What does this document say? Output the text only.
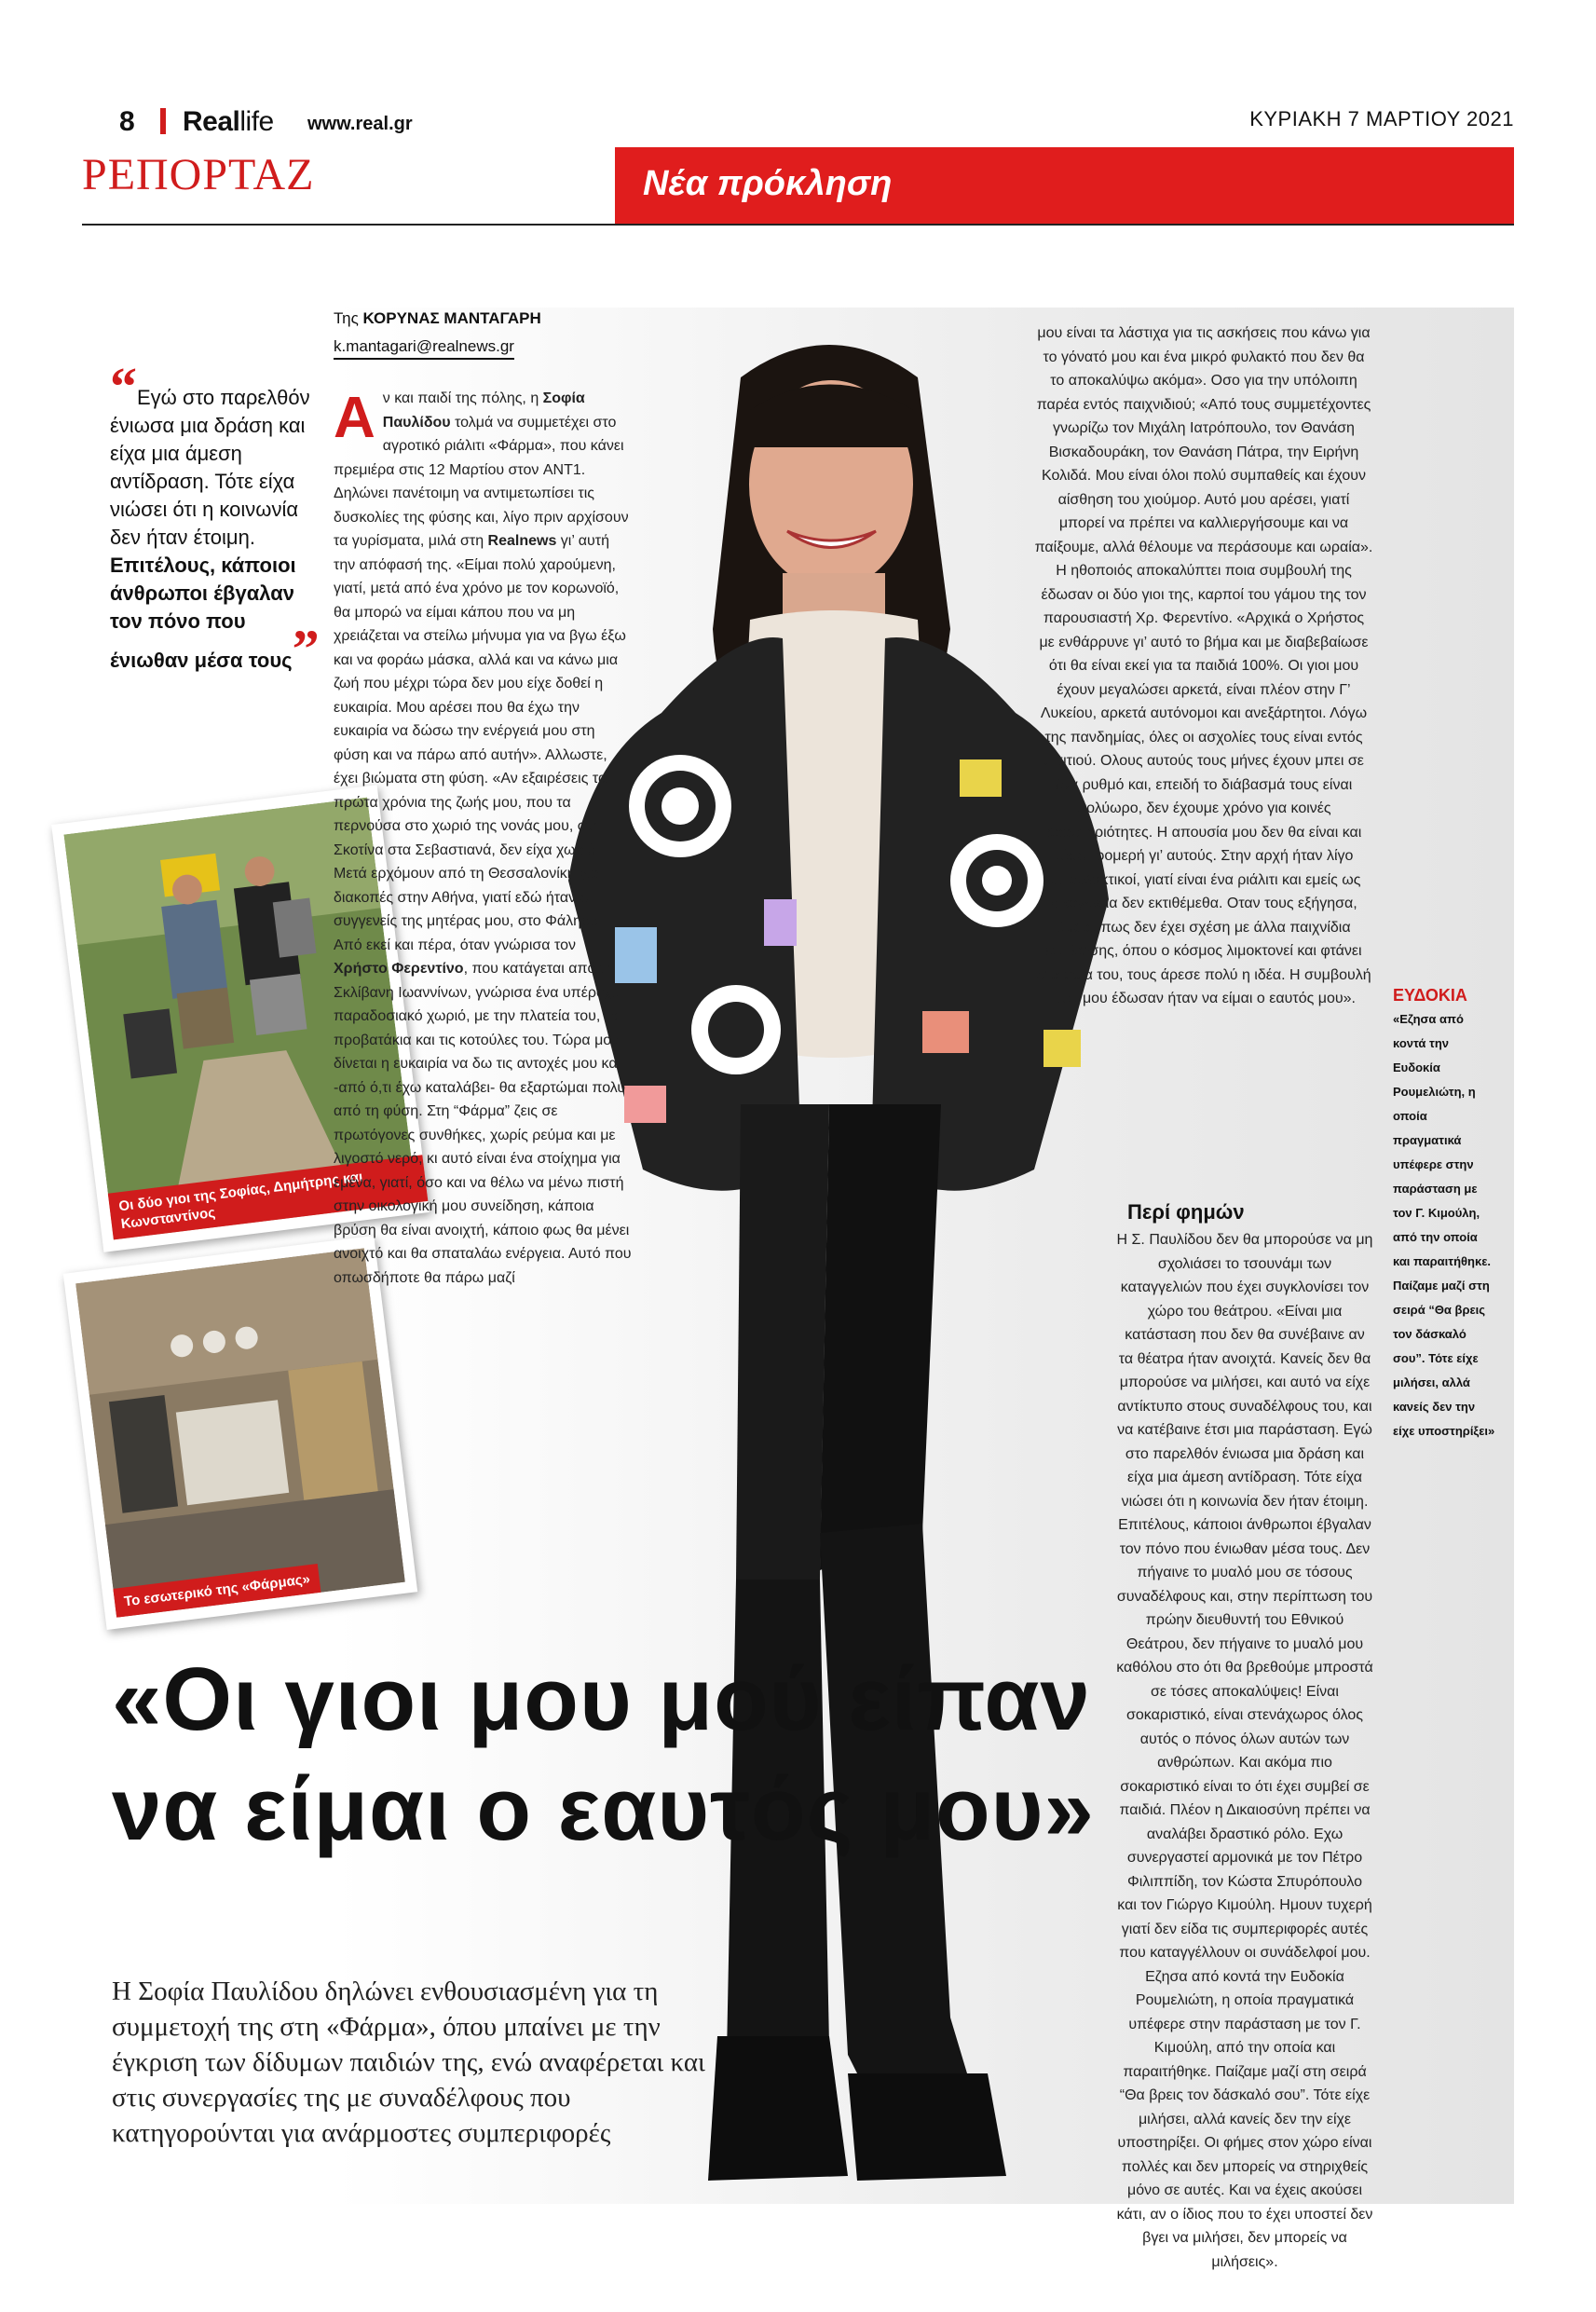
8 Reallife www.real.gr	ΚΥΡΙΑΚΗ 7 ΜΑΡΤΙΟΥ 2021
ΡΕΠΟΡΤΑΖ	Νέα πρόκληση
Της ΚΟΡΥΝΑΣ ΜΑΝΤΑΓΑΡΗ
k.mantagari@realnews.gr
“Εγώ στο παρελθόν ένιωσα μια δράση και είχα μια άμεση αντίδραση. Τότε είχα νιώσει ότι η κοινωνία δεν ήταν έτοιμη. Επιτέλους, κάποιοι άνθρωποι έβγαλαν τον πόνο που ένιωθαν μέσα τους”
Οι δύο γιοι της Σοφίας, Δημήτρης και Κωνσταντίνος
Το εσωτερικό της «Φάρμας»
Αν και παιδί της πόλης, η Σοφία Παυλίδου τολμά να συμμετέχει στο αγροτικό ριάλιτι «Φάρμα», που κάνει πρεμιέρα στις 12 Μαρτίου στον ANT1. Δηλώνει πανέτοιμη να αντιμετωπίσει τις δυσκολίες της φύσης και, λίγο πριν αρχίσουν τα γυρίσματα, μιλά στη Realnews γι’ αυτή την απόφασή της. «Είμαι πολύ χαρούμενη, γιατί, μετά από ένα χρόνο με τον κορωνοϊό, θα μπορώ να είμαι κάπου που να μη χρειάζεται να στείλω μήνυμα για να βγω έξω και να φοράω μάσκα, αλλά και να κάνω μια ζωή που μέχρι τώρα δεν μου είχε δοθεί η ευκαιρία. Μου αρέσει που θα έχω την ευκαιρία να δώσω την ενέργειά μου στη φύση και να πάρω από αυτήν». Αλλωστε, έχει βιώματα στη φύση. «Αν εξαιρέσεις τα πρώτα χρόνια της ζωής μου, που τα περνούσα στο χωριό της νονάς μου, στη Σκοτίνα στα Σεβαστιανά, δεν είχα χωριό. Μετά ερχόμουν από τη Θεσσαλονίκη για διακοπές στην Αθήνα, γιατί εδώ ήταν οι συγγενείς της μητέρας μου, στο Φάληρο. Από εκεί και πέρα, όταν γνώρισα τον Χρήστο Φερεντίνο, που κατάγεται από τη Σκλίβανη Ιωαννίνων, γνώρισα ένα υπέροχο παραδοσιακό χωριό, με την πλατεία του, τα προβατάκια και τις κοτούλες του. Τώρα μου δίνεται η ευκαιρία να δω τις αντοχές μου και -από ό,τι έχω καταλάβει- θα εξαρτώμαι πολύ από τη φύση. Στη “Φάρμα” ζεις σε πρωτόγονες συνθήκες, χωρίς ρεύμα και με λιγοστό νερό, κι αυτό είναι ένα στοίχημα για εμένα, γιατί, όσο και να θέλω να μένω πιστή στην οικολογική μου συνείδηση, κάποια βρύση θα είναι ανοιχτή, κάποιο φως θα μένει ανοιχτό και θα σπαταλάω ενέργεια. Αυτό που οπωσδήποτε θα πάρω μαζί
μου είναι τα λάστιχα για τις ασκήσεις που κάνω για το γόνατό μου και ένα μικρό φυλακτό που δεν θα το αποκαλύψω ακόμα». Οσο για την υπόλοιπη παρέα εντός παιχνιδιού; «Από τους συμμετέχοντες γνωρίζω τον Μιχάλη Ιατρόπουλο, τον Θανάση Βισκαδουράκη, τον Θανάση Πάτρα, την Ειρήνη Κολιδά. Μου είναι όλοι πολύ συμπαθείς και έχουν αίσθηση του χιούμορ. Αυτό μου αρέσει, γιατί μπορεί να πρέπει να καλλιεργήσουμε και να παίξουμε, αλλά θέλουμε να περάσουμε και ωραία». Η ηθοποιός αποκαλύπτει ποια συμβουλή της έδωσαν οι δύο γιοι της, καρποί του γάμου της τον παρουσιαστή Χρ. Φερεντίνο. «Αρχικά ο Χρήστος με ενθάρρυνε γι’ αυτό το βήμα και με διαβεβαίωσε ότι θα είναι εκεί για τα παιδιά 100%. Οι γιοι μου έχουν μεγαλώσει αρκετά, είναι πλέον στην Γ’ Λυκείου, αρκετά αυτόνομοι και ανεξάρτητοι. Λόγω της πανδημίας, όλες οι ασχολίες τους είναι εντός σπιτιού. Ολους αυτούς τους μήνες έχουν μπει σε ένα ρυθμό και, επειδή το διάβασμά τους είναι πολύωρο, δεν έχουμε χρόνο για κοινές δραστηριότητες. Η απουσία μου δεν θα είναι και τόσο τρομερή γι’ αυτούς. Στην αρχή ήταν λίγο επιφυλακτικοί, γιατί είναι ένα ριάλιτι και εμείς ως οικογένεια δεν εκτιθέμεθα. Οταν τους εξήγησα, όμως, πως δεν έχει σχέση με άλλα παιχνίδια επιβίωσης, όπου ο κόσμος λιμοκτονεί και φτάνει στα όριά του, τους άρεσε πολύ η ιδέα. Η συμβουλή που μου έδωσαν ήταν να είμαι ο εαυτός μου».
Περί φημών
Η Σ. Παυλίδου δεν θα μπορούσε να μη σχολιάσει το τσουνάμι των καταγγελιών που έχει συγκλονίσει τον χώρο του θεάτρου. «Είναι μια κατάσταση που δεν θα συνέβαινε αν τα θέατρα ήταν ανοιχτά. Κανείς δεν θα μπορούσε να μιλήσει, και αυτό να είχε αντίκτυπο στους συναδέλφους του, και να κατέβαινε έτσι μια παράσταση. Εγώ στο παρελθόν ένιωσα μια δράση και είχα μια άμεση αντίδραση. Τότε είχα νιώσει ότι η κοινωνία δεν ήταν έτοιμη. Επιτέλους, κάποιοι άνθρωποι έβγαλαν τον πόνο που ένιωθαν μέσα τους. Δεν πήγαινε το μυαλό μου σε τόσους συναδέλφους και, στην περίπτωση του πρώην διευθυντή του Εθνικού Θεάτρου, δεν πήγαινε το μυαλό μου καθόλου στο ότι θα βρεθούμε μπροστά σε τόσες αποκαλύψεις! Είναι σοκαριστικό, είναι στενάχωρος όλος αυτός ο πόνος όλων αυτών των ανθρώπων. Και ακόμα πιο σοκαριστικό είναι το ότι έχει συμβεί σε παιδιά. Πλέον η Δικαιοσύνη πρέπει να αναλάβει δραστικό ρόλο. Εχω συνεργαστεί αρμονικά με τον Πέτρο Φιλιππίδη, τον Κώστα Σπυρόπουλο και τον Γιώργο Κιμούλη. Ημουν τυχερή γιατί δεν είδα τις συμπεριφορές αυτές που καταγγέλλουν οι συνάδελφοί μου. Εζησα από κοντά την Ευδοκία Ρουμελιώτη, η οποία πραγματικά υπέφερε στην παράσταση με τον Γ. Κιμούλη, από την οποία και παραιτήθηκε. Παίζαμε μαζί στη σειρά “Θα βρεις τον δάσκαλό σου”. Τότε είχε μιλήσει, αλλά κανείς δεν την είχε υποστηρίξει. Οι φήμες στον χώρο είναι πολλές και δεν μπορείς να στηριχθείς μόνο σε αυτές. Και να έχεις ακούσει κάτι, αν ο ίδιος που το έχει υποστεί δεν βγει να μιλήσει, δεν μπορείς να μιλήσεις».
ΕΥΔΟΚΙΑ
«Εζησα από κοντά την Ευδοκία Ρουμελιώτη, η οποία πραγματικά υπέφερε στην παράσταση με τον Γ. Κιμούλη, από την οποία και παραιτήθηκε. Παίζαμε μαζί στη σειρά “Θα βρεις τον δάσκαλό σου”. Τότε είχε μιλήσει, αλλά κανείς δεν την είχε υποστηρίξει»
«Οι γιοι μου μού είπαν να είμαι ο εαυτός μου»
Η Σοφία Παυλίδου δηλώνει ενθουσιασμένη για τη συμμετοχή της στη «Φάρμα», όπου μπαίνει με την έγκριση των δίδυμων παιδιών της, ενώ αναφέρεται και στις συνεργασίες της με συναδέλφους που κατηγορούνται για ανάρμοστες συμπεριφορές
